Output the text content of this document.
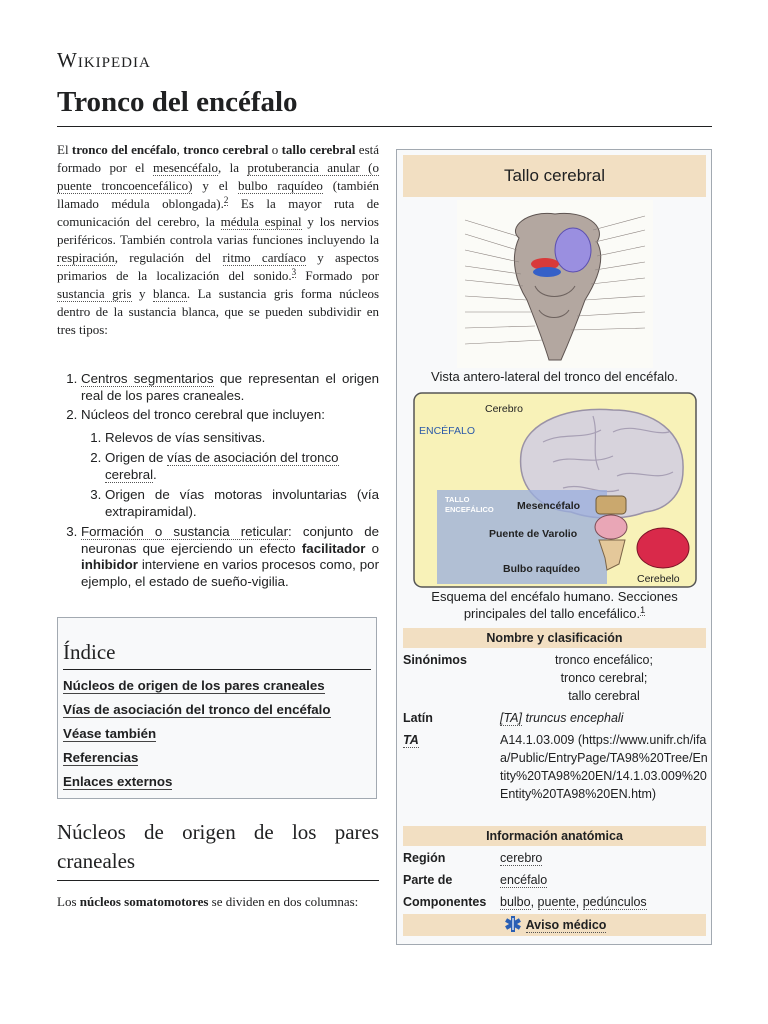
Wikipedia
Tronco del encéfalo

El tronco del encéfalo, tronco cerebral o tallo cerebral está formado por el mesencéfalo, la protuberancia anular (o puente troncoencefálico) y el bulbo raquídeo (también llamado médula oblongada).$^2$ Es la mayor ruta de comunicación del cerebro, la médula espinal y los nervios periféricos. También controla varias funciones incluyendo la respiración, regulación del ritmo cardíaco y aspectos primarios de la localización del sonido.$^3$ Formado por sustancia gris y blanca. La sustancia gris forma núcleos dentro de la sustancia blanca, que se pueden subdividir en tres tipos:

1. Centros segmentarios que representan el origen real de los pares craneales.
2. Núcleos del tronco cerebral que incluyen:
1. Relevos de vías sensitivas.
2. Origen de vías de asociación del tronco cerebral.
3. Origen de vías motoras involuntarias (vía extrapiramidal).
3. Formación o sustancia reticular: conjunto de neuronas que ejerciendo un efecto facilitador o inhibidor interviene en varios procesos como, por ejemplo, el estado de sueño-vigilia.
Índice
Núcleos de origen de los pares craneales
Vías de asociación del tronco del encéfalo
Véase también
Referencias
Enlaces externos
Núcleos de origen de los pares craneales

Los núcleos somatomotores se dividen en dos columnas:

Tallo cerebral
Vista antero-lateral del tronco del encéfalo.
Cerebro
ENCÉFALO
TALLO
ENCEFÁLICO Mesencéfalo
Puente de Varolio
Bulbo raquídeo
Cerebelo
Esquema del encéfalo humano. Secciones principales del tallo encefálico.$^1$
Nombre y clasificación
Sinónimos	tronco encefálico;
tronco cerebral;
tallo cerebral
Latín	[TA] truncus encephali
TA	A14.1.03.009 (https://www.unifr.ch/ifaa/Public/EntryPage/TA98%20Tree/Entity%20TA98%20EN/14.1.03.009%20Entity%20TA98%20EN.htm)
Información anatómica
Región	cerebro
Parte de	encéfalo
Componentes bulbo, puente, pedúnculos
Aviso médico
